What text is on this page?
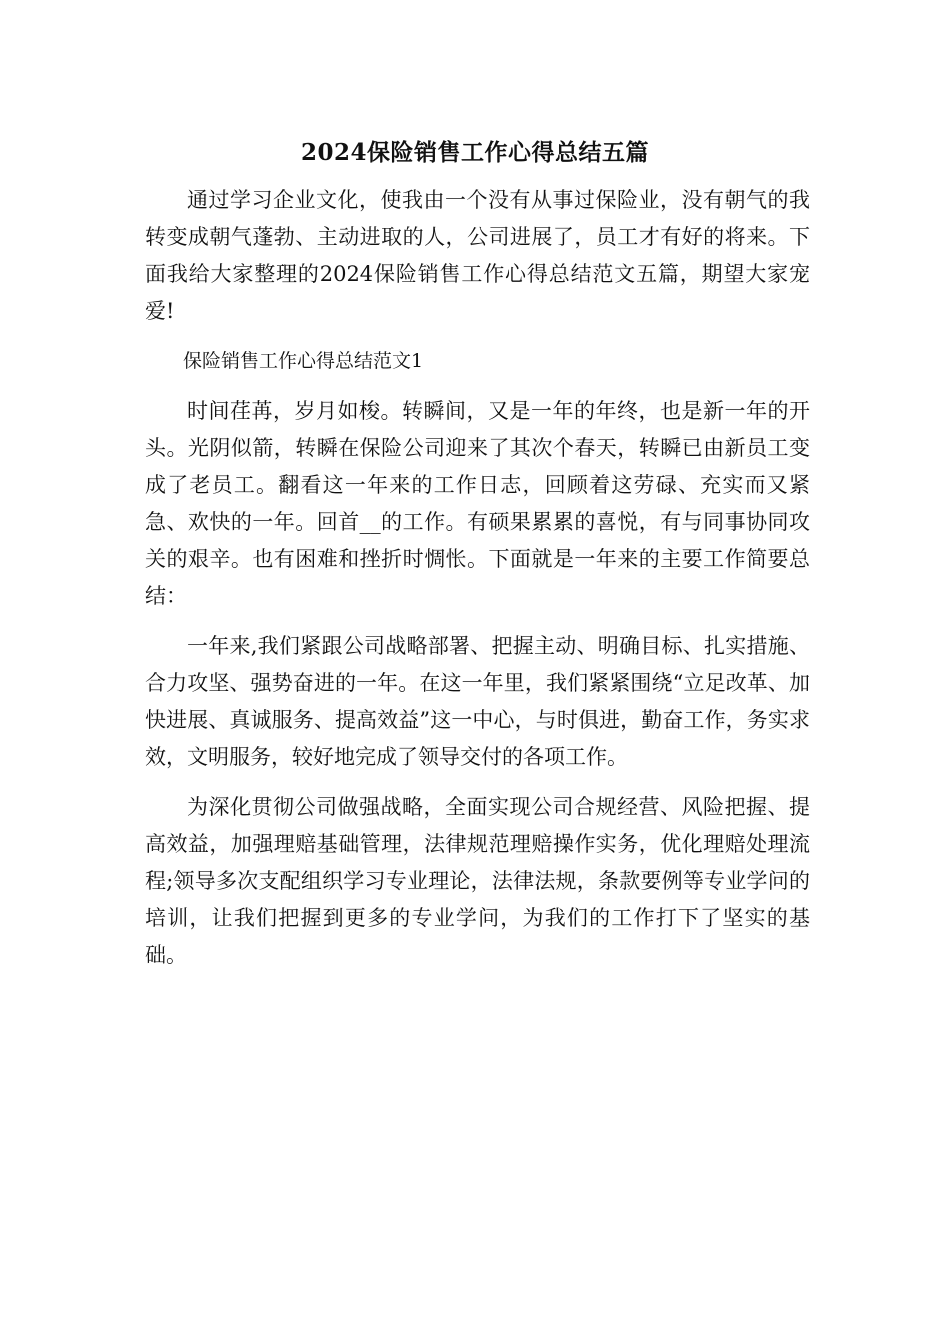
2024保险销售工作心得总结五篇

通过学习企业文化，使我由一个没有从事过保险业，没有朝气的我转变成朝气蓬勃、主动进取的人，公司进展了，员工才有好的将来。下面我给大家整理的2024保险销售工作心得总结范文五篇，期望大家宠爱!

保险销售工作心得总结范文1

时间荏苒，岁月如梭。转瞬间，又是一年的年终，也是新一年的开头。光阴似箭，转瞬在保险公司迎来了其次个春天，转瞬已由新员工变成了老员工。翻看这一年来的工作日志，回顾着这劳碌、充实而又紧急、欢快的一年。回首__的工作。有硕果累累的喜悦，有与同事协同攻关的艰辛。也有困难和挫折时惆怅。下面就是一年来的主要工作简要总结：

一年来,我们紧跟公司战略部署、把握主动、明确目标、扎实措施、合力攻坚、强势奋进的一年。在这一年里，我们紧紧围绕“立足改革、加快进展、真诚服务、提高效益”这一中心，与时俱进，勤奋工作，务实求效，文明服务，较好地完成了领导交付的各项工作。

为深化贯彻公司做强战略，全面实现公司合规经营、风险把握、提高效益，加强理赔基础管理，法律规范理赔操作实务，优化理赔处理流程;领导多次支配组织学习专业理论，法律法规，条款要例等专业学问的培训，让我们把握到更多的专业学问，为我们的工作打下了坚实的基础。
